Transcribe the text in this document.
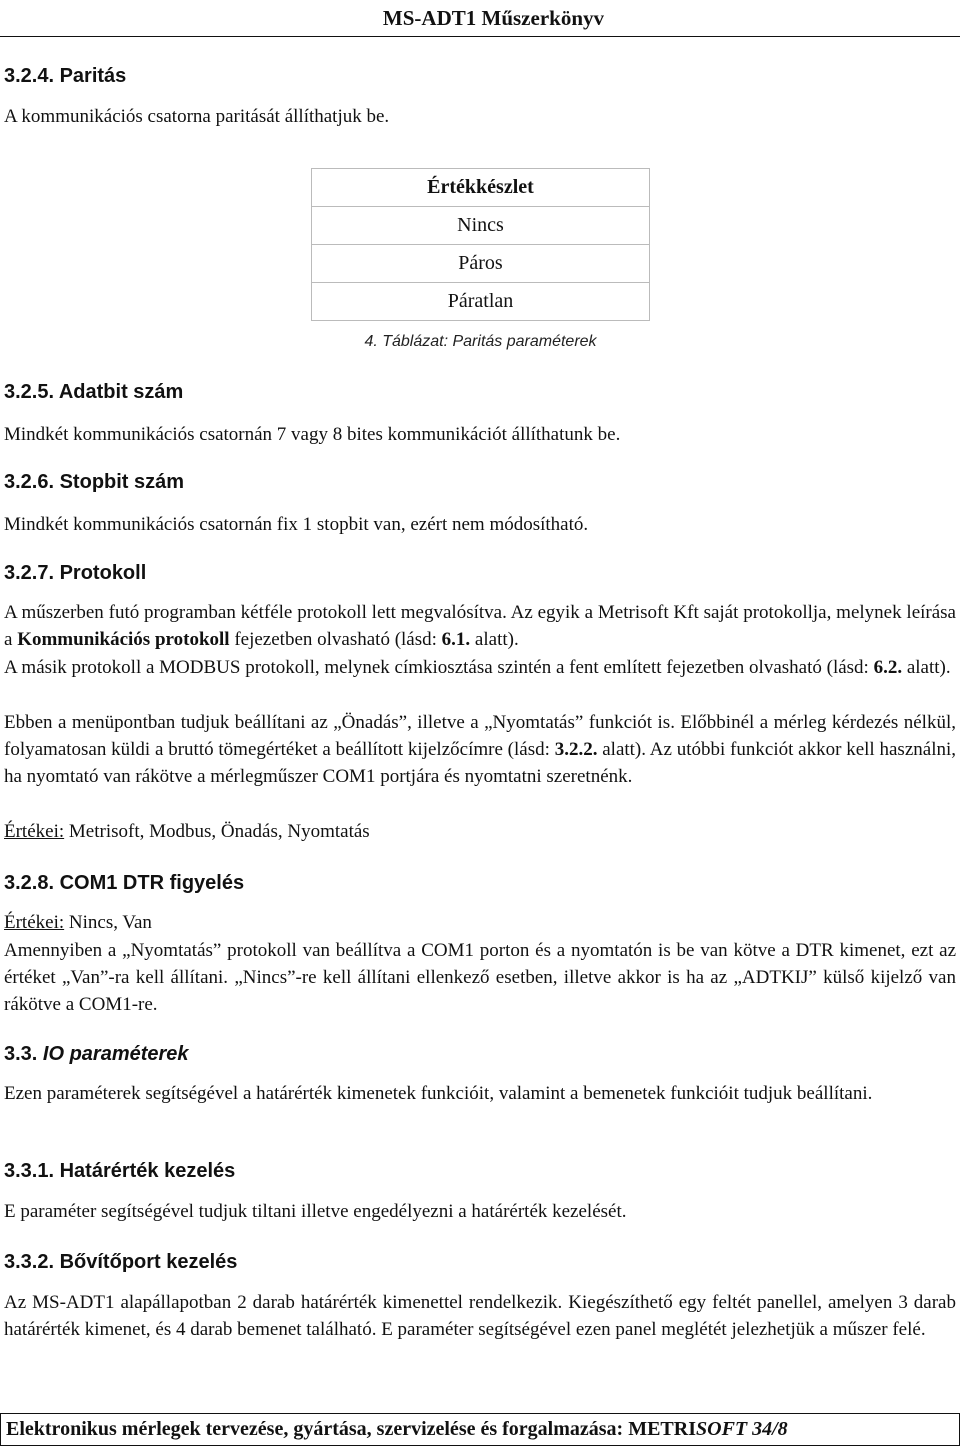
MS-ADT1 Műszerkönyv
3.2.4. Paritás
A kommunikációs csatorna paritását állíthatjuk be.
Értékkészlet
Nincs
Páros
Páratlan
4. Táblázat: Paritás paraméterek
3.2.5. Adatbit szám
Mindkét kommunikációs csatornán 7 vagy 8 bites kommunikációt állíthatunk be.
3.2.6. Stopbit szám
Mindkét kommunikációs csatornán fix 1 stopbit van, ezért nem módosítható.
3.2.7. Protokoll
A műszerben futó programban kétféle protokoll lett megvalósítva. Az egyik a Metrisoft Kft saját protokollja, melynek leírása a Kommunikációs protokoll fejezetben olvasható (lásd: 6.1. alatt).
A másik protokoll a MODBUS protokoll, melynek címkiosztása szintén a fent említett fejezetben olvasható (lásd: 6.2. alatt).
Ebben a menüpontban tudjuk beállítani az „Önadás”, illetve a „Nyomtatás” funkciót is. Előbbinél a mérleg kérdezés nélkül, folyamatosan küldi a bruttó tömegértéket a beállított kijelzőcímre (lásd: 3.2.2. alatt). Az utóbbi funkciót akkor kell használni, ha nyomtató van rákötve a mérlegműszer COM1 portjára és nyomtatni szeretnénk.
Értékei: Metrisoft, Modbus, Önadás, Nyomtatás
3.2.8. COM1 DTR figyelés
Értékei: Nincs, Van
Amennyiben a „Nyomtatás” protokoll van beállítva a COM1 porton és a nyomtatón is be van kötve a DTR kimenet, ezt az értéket „Van”-ra kell állítani. „Nincs”-re kell állítani ellenkező esetben, illetve akkor is ha az „ADTKIJ” külső kijelző van rákötve a COM1-re.
3.3. IO paraméterek
Ezen paraméterek segítségével a határérték kimenetek funkcióit, valamint a bemenetek funkcióit tudjuk beállítani.
3.3.1. Határérték kezelés
E paraméter segítségével tudjuk tiltani illetve engedélyezni a határérték kezelését.
3.3.2. Bővítőport kezelés
Az MS-ADT1 alapállapotban 2 darab határérték kimenettel rendelkezik. Kiegészíthető egy feltét panellel, amelyen 3 darab határérték kimenet, és 4 darab bemenet található. E paraméter segítségével ezen panel meglétét jelezhetjük a műszer felé.
Elektronikus mérlegek tervezése, gyártása, szervizelése és forgalmazása: METRISOFT 34/8
